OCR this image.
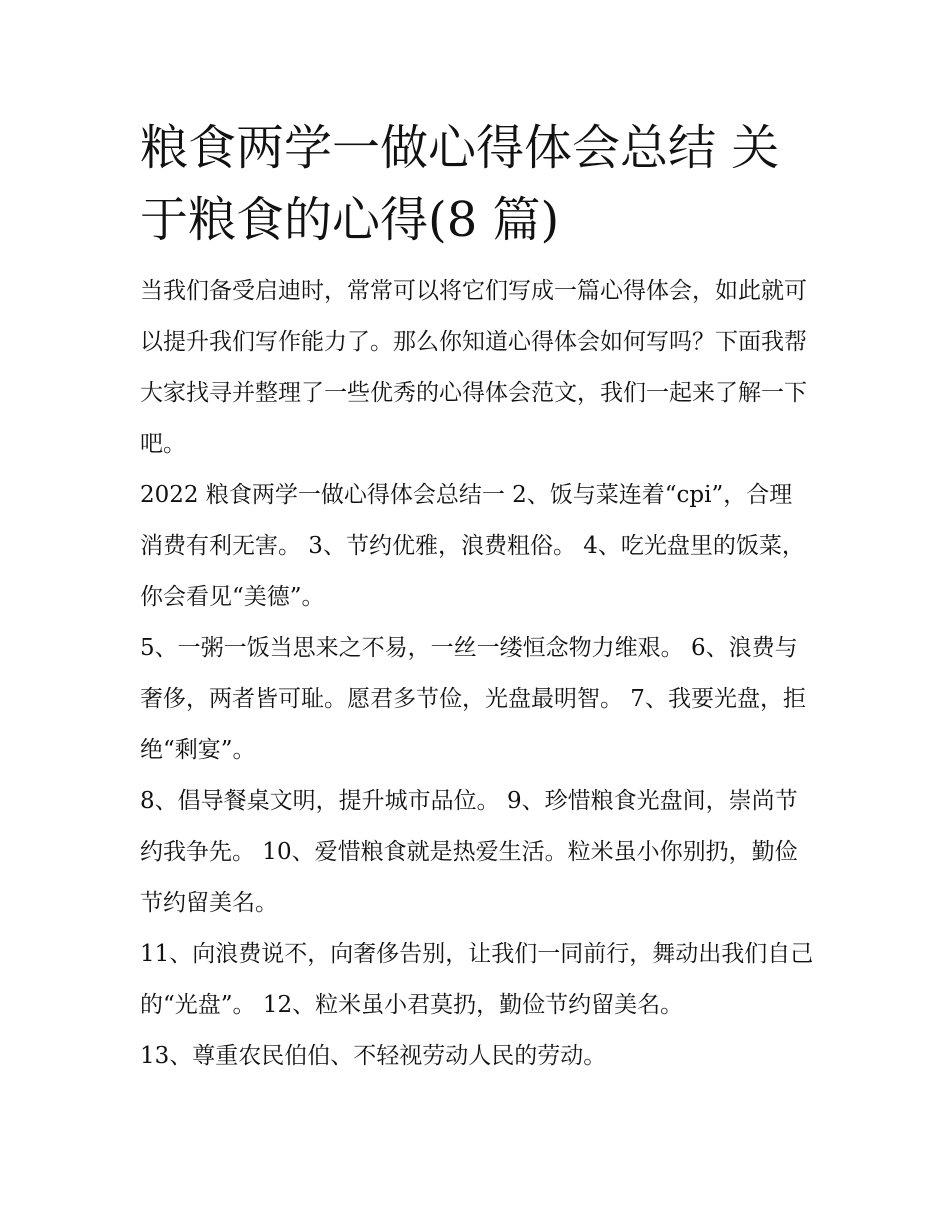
粮食两学一做心得体会总结 关于粮食的心得(8 篇)

当我们备受启迪时，常常可以将它们写成一篇心得体会，如此就可以提升我们写作能力了。那么你知道心得体会如何写吗？下面我帮大家找寻并整理了一些优秀的心得体会范文，我们一起来了解一下吧。

2022 粮食两学一做心得体会总结一 2、饭与菜连着“cpi”，合理消费有利无害。 3、节约优雅，浪费粗俗。 4、吃光盘里的饭菜，你会看见“美德”。

5、一粥一饭当思来之不易，一丝一缕恒念物力维艰。 6、浪费与奢侈，两者皆可耻。愿君多节俭，光盘最明智。 7、我要光盘，拒绝“剩宴”。

8、倡导餐桌文明，提升城市品位。 9、珍惜粮食光盘间，崇尚节约我争先。 10、爱惜粮食就是热爱生活。粒米虽小你别扔，勤俭节约留美名。

11、向浪费说不，向奢侈告别，让我们一同前行，舞动出我们自己的“光盘”。 12、粒米虽小君莫扔，勤俭节约留美名。

13、尊重农民伯伯、不轻视劳动人民的劳动。
